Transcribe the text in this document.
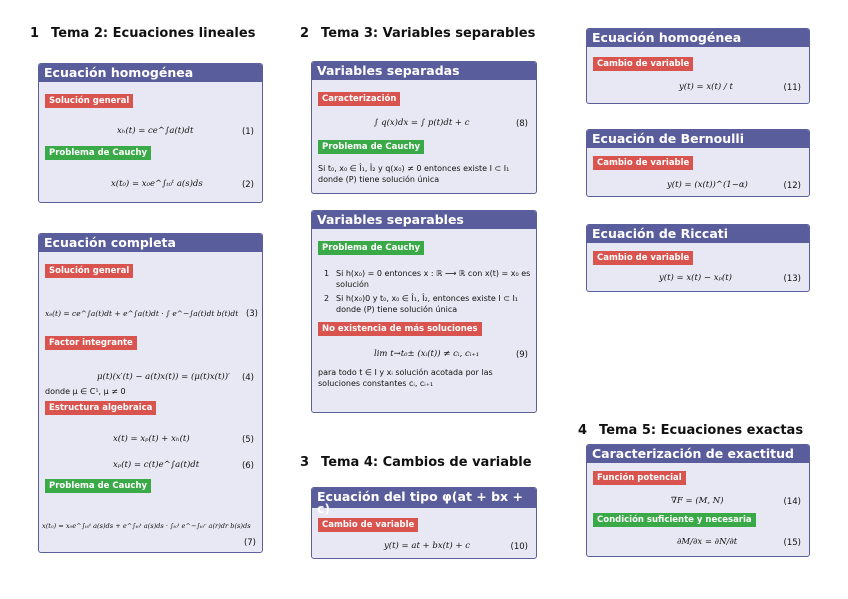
1 Tema 2: Ecuaciones lineales	2 Tema 3: Variables separables
3 Tema 4: Cambios de variable
4 Tema 5: Ecuaciones exactas
Ecuación homogénea
Solución general
xₕ(t) = ce^∫a(t)dt	(1)
Problema de Cauchy
x(t₀) = x₀e^∫ₜ₀ᵗ a(s)ds	(2)
Ecuación completa
Solución general
xₑ(t) = ce^∫a(t)dt + e^∫a(t)dt · ∫ e^−∫a(t)dt b(t)dt (3)
Factor integrante
μ(t)(x′(t) − a(t)x(t)) = (μ(t)x(t))′ (4)
donde μ ∈ C¹, μ ≠ 0
Estructura algebraica
x(t) = xₚ(t) + xₕ(t)	(5)
xₚ(t) = c(t)e^∫a(t)dt	(6)
Problema de Cauchy
x(t₀) = x₀e^∫ₜ₀ᵗ a(s)ds + e^∫ₜ₀ᵗ a(s)ds · ∫ₜ₀ᵗ e^−∫ₜ₀ʳ a(r)dr b(s)ds
(7)
Variables separadas
Caracterización
∫ q(x)dx = ∫ p(t)dt + c	(8)
Problema de Cauchy
Si t₀, x₀ ∈ Î₁, Î₂ y q(x₀) ≠ 0 entonces existe I ⊂ I₁ donde (P) tiene solución única
Variables separables
Problema de Cauchy
1 Si h(x₀) = 0 entonces x : ℝ ⟶ ℝ con x(t) = x₀ es solución
2 Si h(x₀)0 y t₀, x₀ ∈ Î₁, Î₂, entonces existe I ⊂ I₁ donde (P) tiene solución única
No existencia de más soluciones
lim t→t₀± (xᵢ(t)) ≠ cᵢ, cᵢ₊₁	(9)
para todo t ∈ I y xᵢ solución acotada por las soluciones constantes cᵢ, cᵢ₊₁
Ecuación del tipo φ(at + bx + c)
Cambio de variable
y(t) = at + bx(t) + c	(10)
Ecuación homogénea
Cambio de variable
y(t) = x(t) / t	(11)
Ecuación de Bernoulli
Cambio de variable
y(t) = (x(t))^(1−α)	(12)
Ecuación de Riccati
Cambio de variable
y(t) = x(t) − xₚ(t)	(13)
Caracterización de exactitud
Función potencial
∇F = (M, N)	(14)
Condición suficiente y necesaria
∂M/∂x = ∂N/∂t	(15)
